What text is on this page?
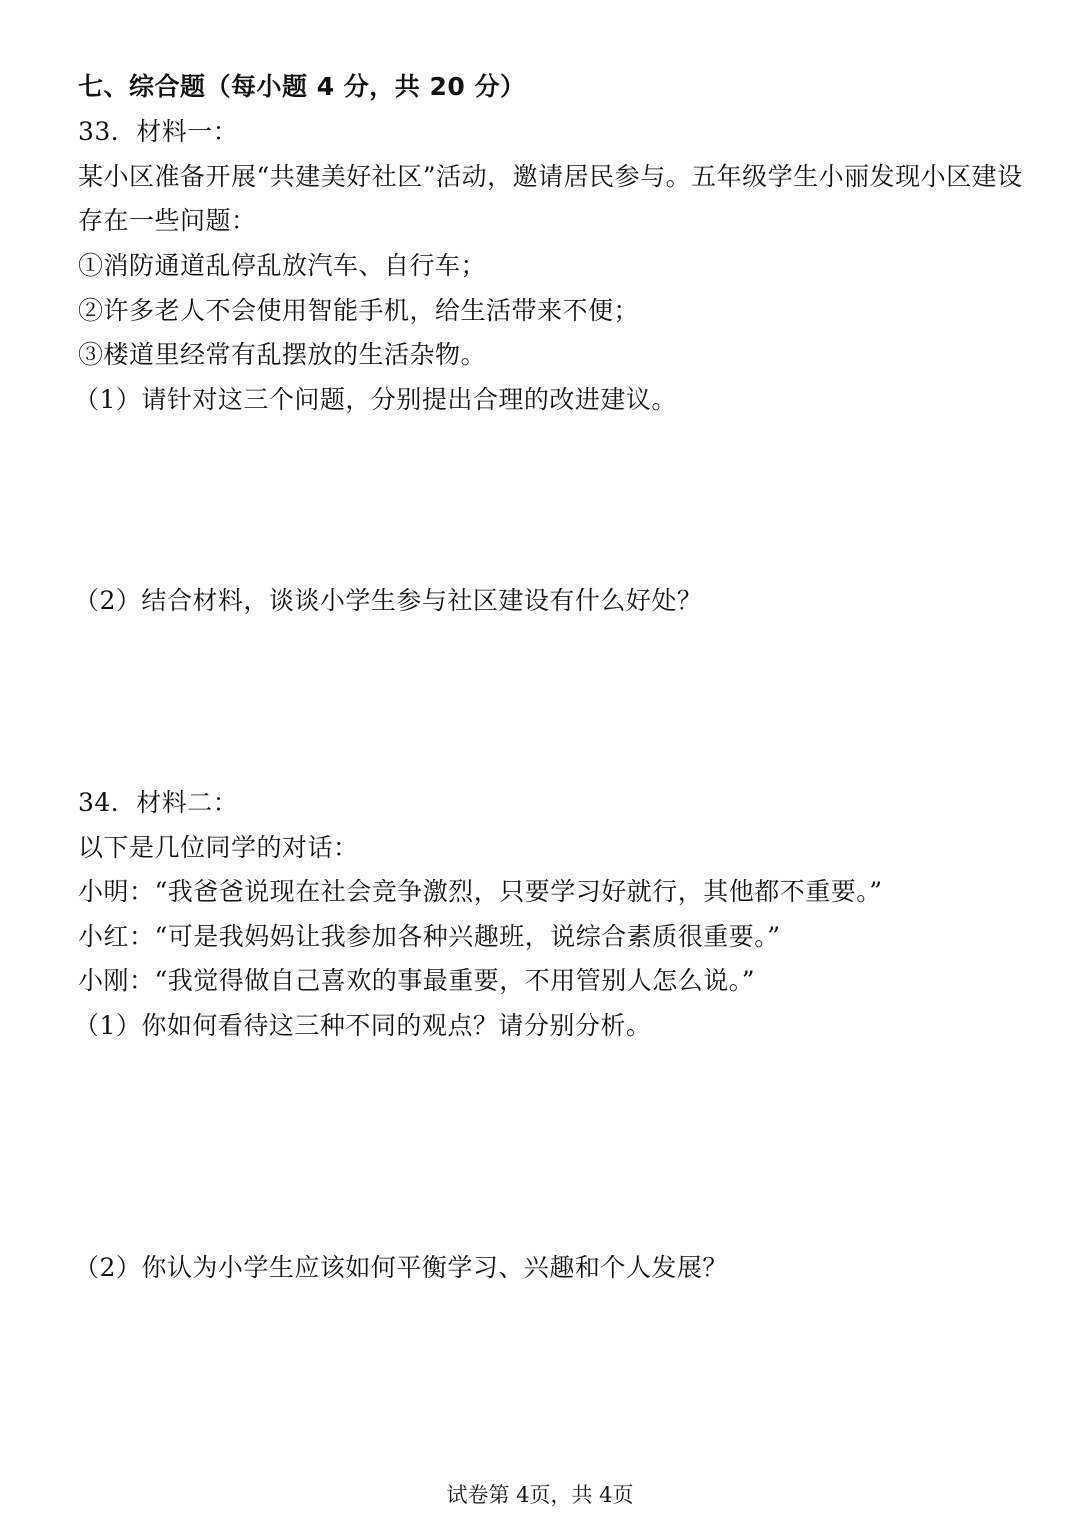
七、综合题（每小题 4 分，共 20 分）
33．材料一：
某小区准备开展“共建美好社区”活动，邀请居民参与。五年级学生小丽发现小区建设
存在一些问题：
①消防通道乱停乱放汽车、自行车；
②许多老人不会使用智能手机，给生活带来不便；
③楼道里经常有乱摆放的生活杂物。
（1）请针对这三个问题，分别提出合理的改进建议。
（2）结合材料，谈谈小学生参与社区建设有什么好处？
34．材料二：
以下是几位同学的对话：
小明：“我爸爸说现在社会竞争激烈，只要学习好就行，其他都不重要。”
小红：“可是我妈妈让我参加各种兴趣班，说综合素质很重要。”
小刚：“我觉得做自己喜欢的事最重要，不用管别人怎么说。”
（1）你如何看待这三种不同的观点？请分别分析。
（2）你认为小学生应该如何平衡学习、兴趣和个人发展？
试卷第 4页，共 4页
